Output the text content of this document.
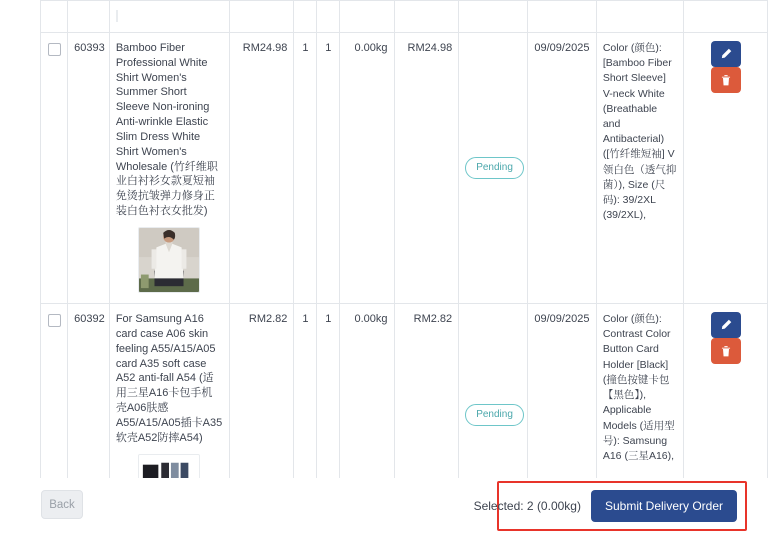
	60393	Bamboo Fiber Professional White Shirt Women's Summer Short Sleeve Non-ironing Anti-wrinkle Elastic Slim Dress White Shirt Women's Wholesale (竹纤维职业白衬衫女款夏短袖免烫抗皱弹力修身正装白色衬衣女批发)	RM24.98	1	1	0.00kg	RM24.98	Pending	09/09/2025	Color (颜色): [Bamboo Fiber Short Sleeve] V-neck White (Breathable and Antibacterial) ([竹纤维短袖] V领白色（透气抑菌）), Size (尺码): 39/2XL (39/2XL),

	60392	For Samsung A16 card case A06 skin feeling A55/A15/A05 card A35 soft case A52 anti-fall A54 (适用三星A16卡包手机壳A06肤感A55/A15/A05插卡A35软壳A52防摔A54)	RM2.82	1	1	0.00kg	RM2.82	Pending	09/09/2025	Color (颜色): Contrast Color Button Card Holder [Black] (撞色按键卡包【黑色】), Applicable Models (适用型号): Samsung A16 (三星A16),

Back	Selected: 2 (0.00kg)	Submit Delivery Order
